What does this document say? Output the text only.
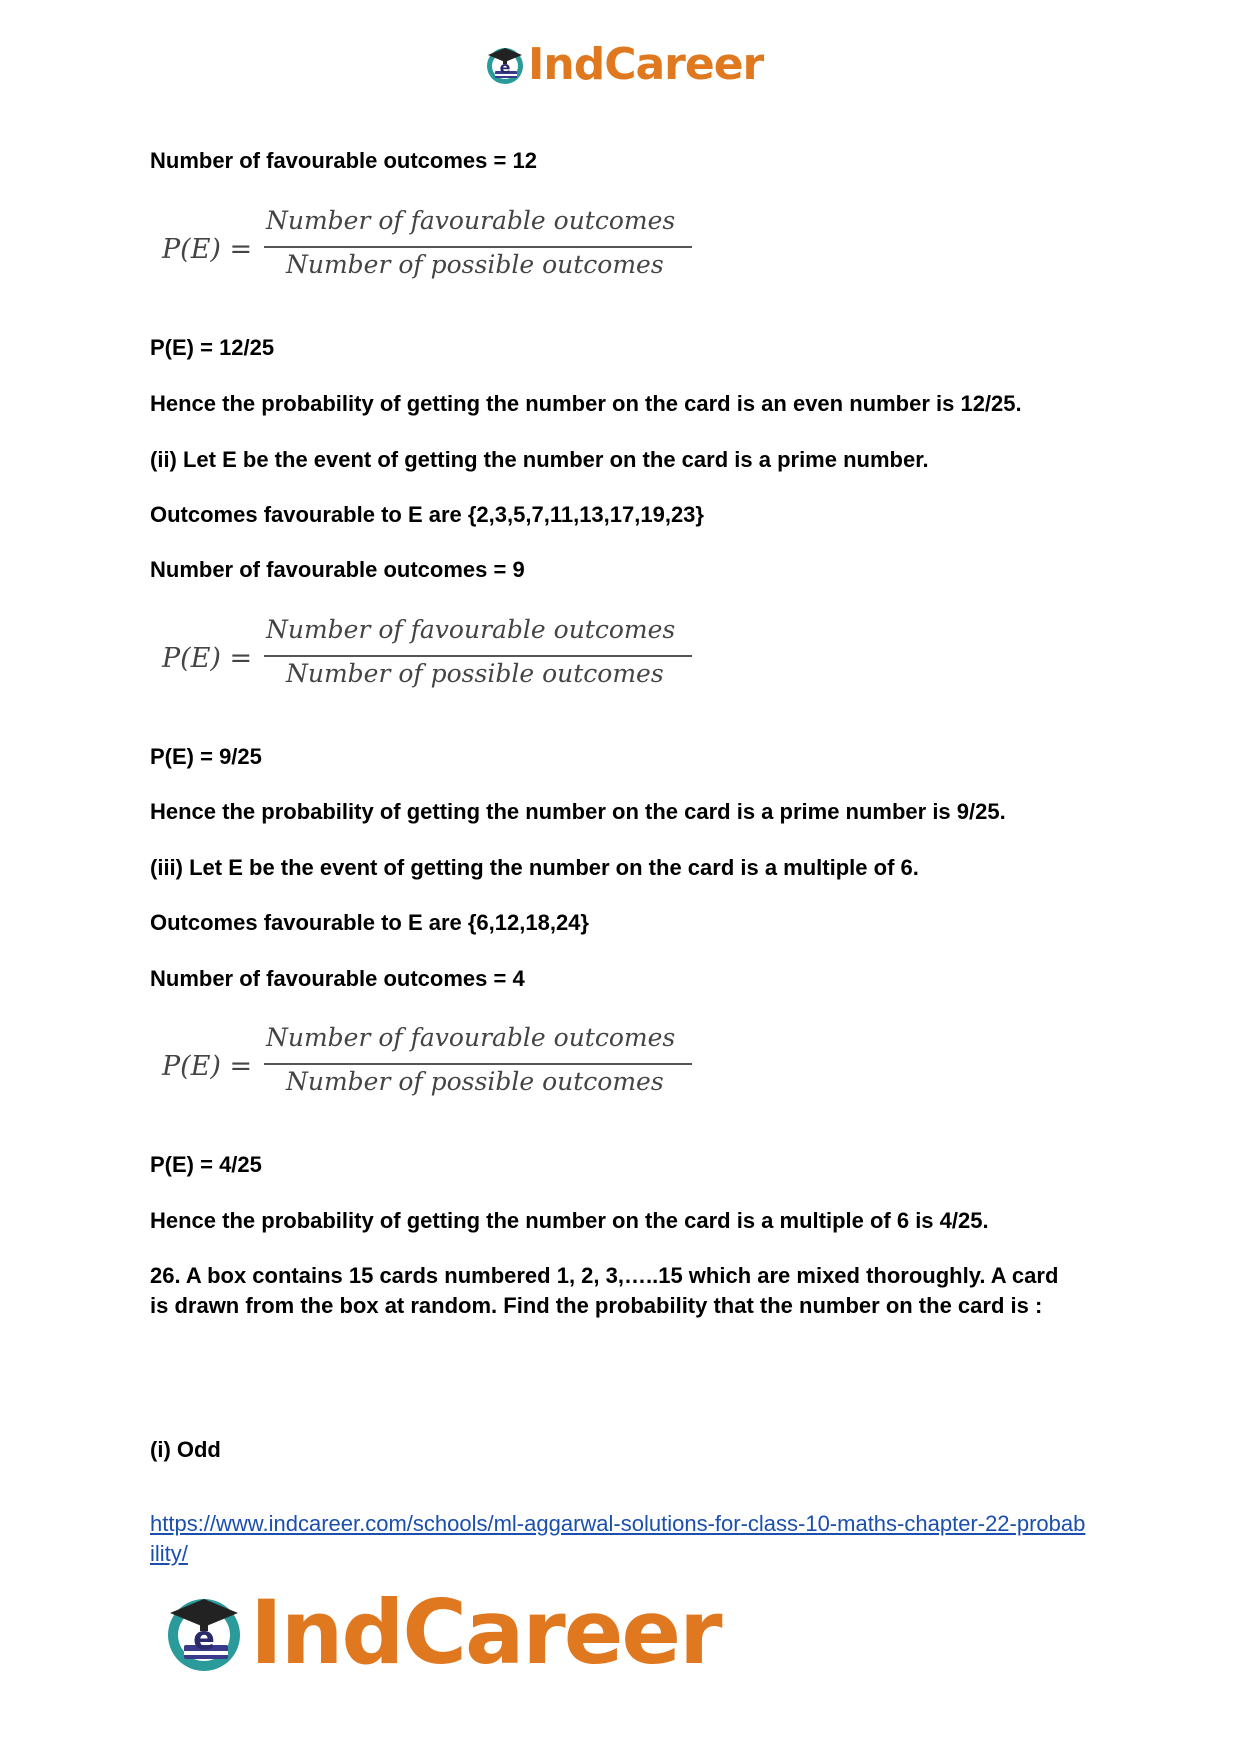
e IndCareer
Number of favourable outcomes = 12
P(E) =
Number of favourable outcomes
Number of possible outcomes
P(E) = 12/25
Hence the probability of getting the number on the card is an even number is 12/25.
(ii) Let E be the event of getting the number on the card is a prime number.
Outcomes favourable to E are {2,3,5,7,11,13,17,19,23}
Number of favourable outcomes = 9
P(E) =
Number of favourable outcomes
Number of possible outcomes
P(E) = 9/25
Hence the probability of getting the number on the card is a prime number is 9/25.
(iii) Let E be the event of getting the number on the card is a multiple of 6.
Outcomes favourable to E are {6,12,18,24}
Number of favourable outcomes = 4
P(E) =
Number of favourable outcomes
Number of possible outcomes
P(E) = 4/25
Hence the probability of getting the number on the card is a multiple of 6 is 4/25.
26. A box contains 15 cards numbered 1, 2, 3,…..15 which are mixed thoroughly. A card is drawn from the box at random. Find the probability that the number on the card is :
(i) Odd
https://www.indcareer.com/schools/ml-aggarwal-solutions-for-class-10-maths-chapter-22-probability/
e IndCareer
